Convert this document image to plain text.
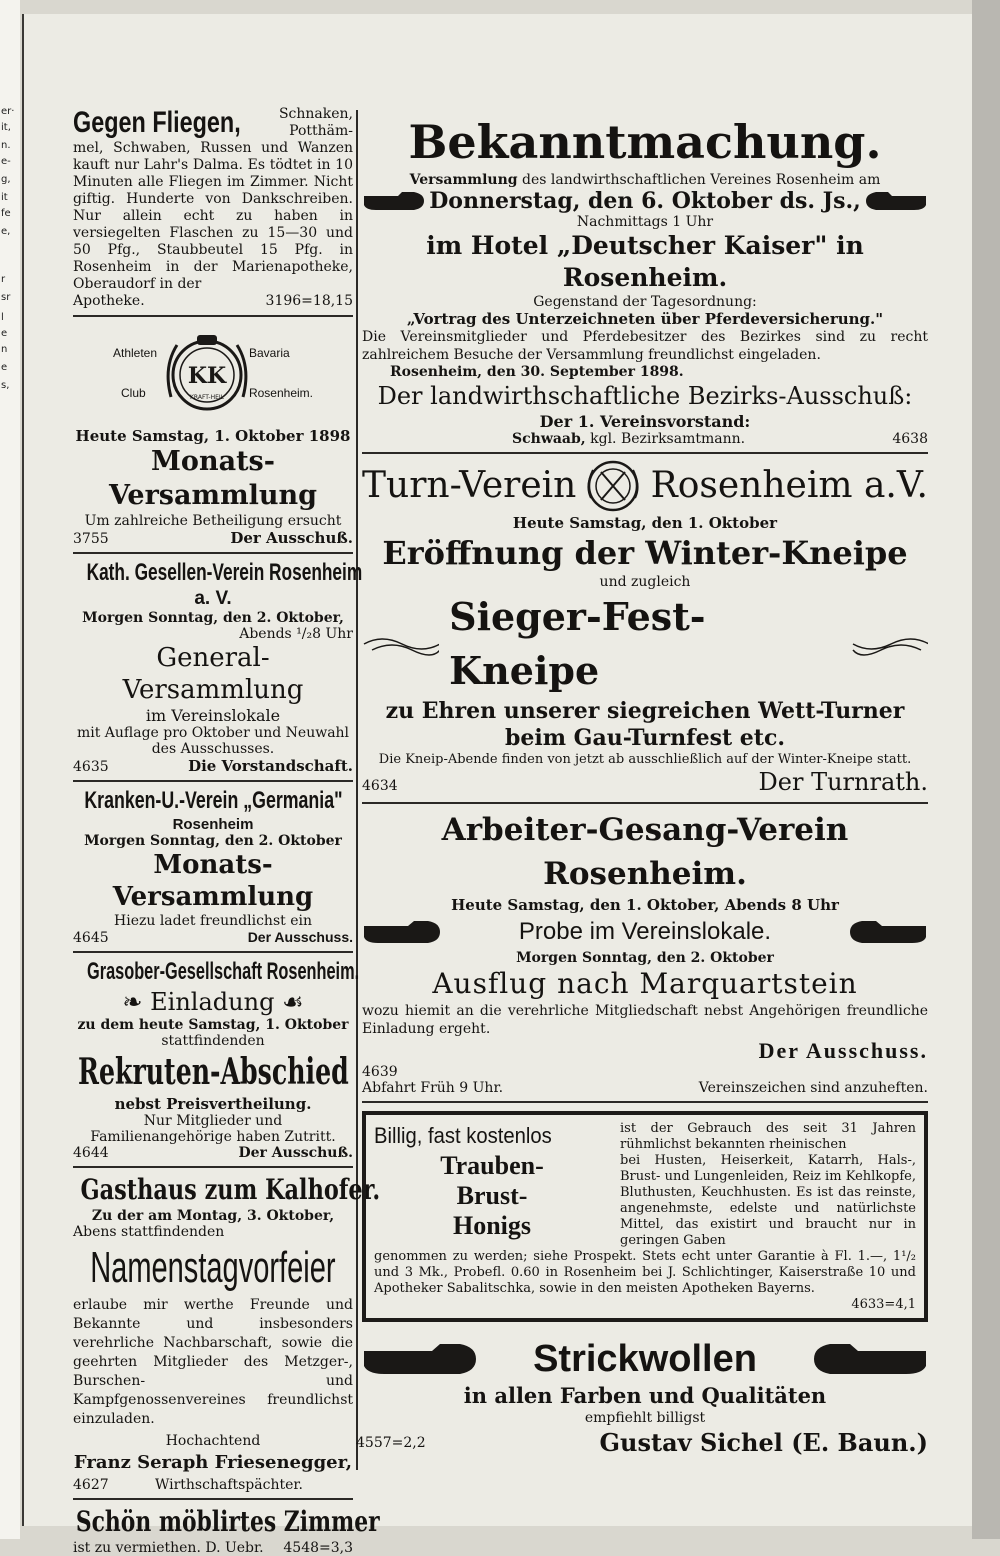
er·
it,
n.
e-
g,
it
fe
e,
r
sr
l
e
n
e
s,
Gegen Fliegen,	Schnaken, Potthäm-
mel, Schwaben, Russen und Wanzen kauft nur Lahr's Dalma. Es tödtet in 10 Minuten alle Fliegen im Zimmer. Nicht giftig. Hunderte von Dankschreiben. Nur allein echt zu haben in versiegelten Flaschen zu 15—30 und 50 Pfg., Staubbeutel 15 Pfg. in Rosenheim in der Marienapotheke, Oberaudorf in der
Apotheke.	3196=18,15
Athleten
Club
KK
KRAFT-HEIL
Bavaria
Rosenheim.
Heute Samstag, 1. Oktober 1898
Monats-Versammlung
Um zahlreiche Betheiligung ersucht
3755	Der Ausschuß.
Kath. Gesellen-Verein Rosenheim
a. V.
Morgen Sonntag, den 2. Oktober,
Abends ¹/₂8 Uhr
General-Versammlung
im Vereinslokale
mit Auflage pro Oktober und Neuwahl
des Ausschusses.
4635	Die Vorstandschaft.
Kranken-U.-Verein „Germania"
Rosenheim
Morgen Sonntag, den 2. Oktober
Monats-Versammlung
Hiezu ladet freundlichst ein
4645	Der Ausschuss.
Grasober-Gesellschaft Rosenheim.
❧ Einladung ☙
zu dem heute Samstag, 1. Oktober
stattfindenden
Rekruten-Abschied
nebst Preisvertheilung.
Nur Mitglieder und Familienangehörige haben Zutritt.
4644	Der Ausschuß.
Gasthaus zum Kalhofer.
Zu der am Montag, 3. Oktober,
Abens stattfindenden
Namenstagvorfeier
erlaube mir werthe Freunde und Bekannte und insbesonders verehrliche Nachbarschaft, sowie die geehrten Mitglieder des Metzger-, Burschen- und Kampfgenossenvereines freundlichst einzuladen.
Hochachtend
Franz Seraph Friesenegger,
4627	Wirthschaftspächter.
Schön möblirtes Zimmer
ist zu vermiethen. D. Uebr. 4548=3,3
Bekanntmachung.
Versammlung des landwirthschaftlichen Vereines Rosenheim am
Donnerstag, den 6. Oktober ds. Js.,
Nachmittags 1 Uhr
im Hotel „Deutscher Kaiser" in Rosenheim.
Gegenstand der Tagesordnung:
„Vortrag des Unterzeichneten über Pferdeversicherung."
Die Vereinsmitglieder und Pferdebesitzer des Bezirkes sind zu recht zahlreichem Besuche der Versammlung freundlichst eingeladen.
Rosenheim, den 30. September 1898.
Der landwirthschaftliche Bezirks-Ausschuß:
Der 1. Vereinsvorstand:
Schwaab, kgl. Bezirksamtmann.	4638
Turn-Verein Rosenheim a.V.
Heute Samstag, den 1. Oktober
Eröffnung der Winter-Kneipe
und zugleich
Sieger-Fest-Kneipe
zu Ehren unserer siegreichen Wett-Turner
beim Gau-Turnfest etc.
Die Kneip-Abende finden von jetzt ab ausschließlich auf der Winter-Kneipe statt.
4634	Der Turnrath.
Arbeiter-Gesang-Verein Rosenheim.
Heute Samstag, den 1. Oktober, Abends 8 Uhr
Probe im Vereinslokale.
Morgen Sonntag, den 2. Oktober
Ausflug nach Marquartstein
wozu hiemit an die verehrliche Mitgliedschaft nebst Angehörigen freundliche Einladung ergeht.
Der Ausschuss.
4639
Abfahrt Früh 9 Uhr.	Vereinszeichen sind anzuheften.
Billig, fast kostenlos
Trauben-
Brust-
Honigs
ist der Gebrauch des seit 31 Jahren rühmlichst bekannten rheinischen
bei Husten, Heiserkeit, Katarrh, Hals-, Brust- und Lungenleiden, Reiz im Kehlkopfe, Bluthusten, Keuchhusten. Es ist das reinste, angenehmste, edelste und natürlichste Mittel, das existirt und braucht nur in geringen Gaben
genommen zu werden; siehe Prospekt. Stets echt unter Garantie à Fl. 1.—, 1¹/₂ und 3 Mk., Probefl. 0.60 in Rosenheim bei J. Schlichtinger, Kaiserstraße 10 und Apotheker Sabalitschka, sowie in den meisten Apotheken Bayerns.
4633=4,1
Strickwollen
in allen Farben und Qualitäten
empfiehlt billigst
4557=2,2	Gustav Sichel (E. Baun.)
